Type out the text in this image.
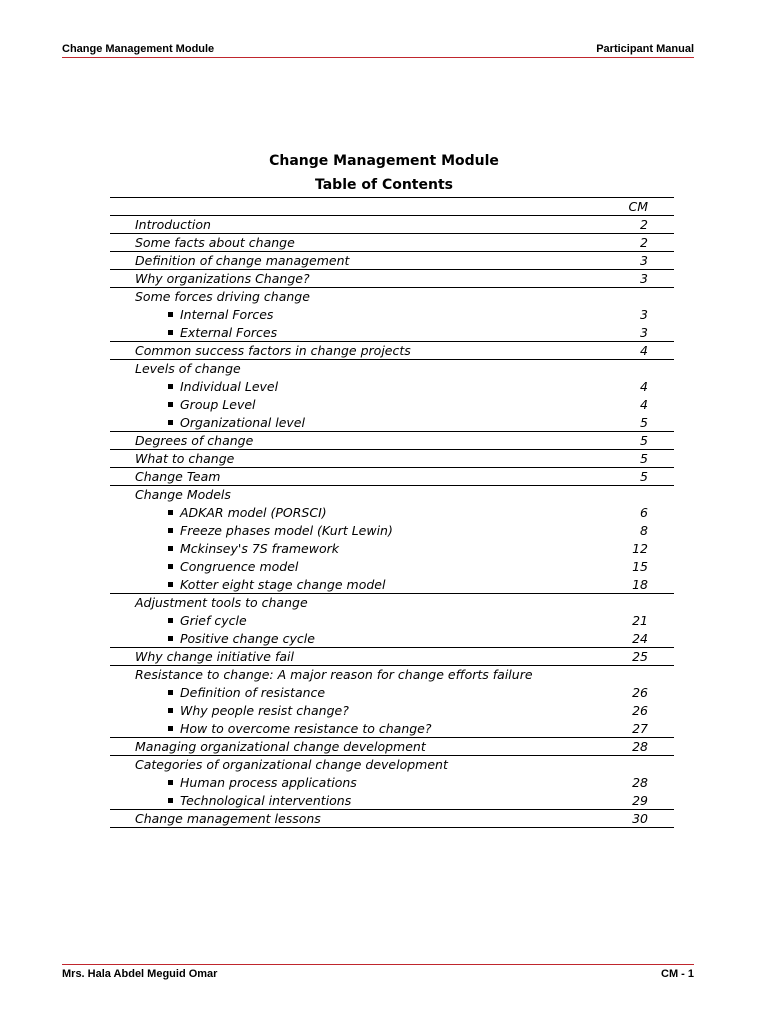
Change Management Module	Participant Manual
Change Management Module
Table of Contents
CM
Introduction	2
Some facts about change	2
Definition of change management	3
Why organizations Change?	3
Some forces driving change
Internal Forces	3
External Forces	3
Common success factors in change projects	4
Levels of change
Individual Level	4
Group Level	4
Organizational level	5
Degrees of change	5
What to change	5
Change Team	5
Change Models
ADKAR model (PORSCI)	6
Freeze phases model (Kurt Lewin)	8
Mckinsey's 7S framework	12
Congruence model	15
Kotter eight stage change model	18
Adjustment tools to change
Grief cycle	21
Positive change cycle	24
Why change initiative fail	25
Resistance to change: A major reason for change efforts failure
Definition of resistance	26
Why people resist change?	26
How to overcome resistance to change?	27
Managing organizational change development	28
Categories of organizational change development
Human process applications	28
Technological interventions	29
Change management lessons	30
Mrs. Hala Abdel Meguid Omar	CM - 1
